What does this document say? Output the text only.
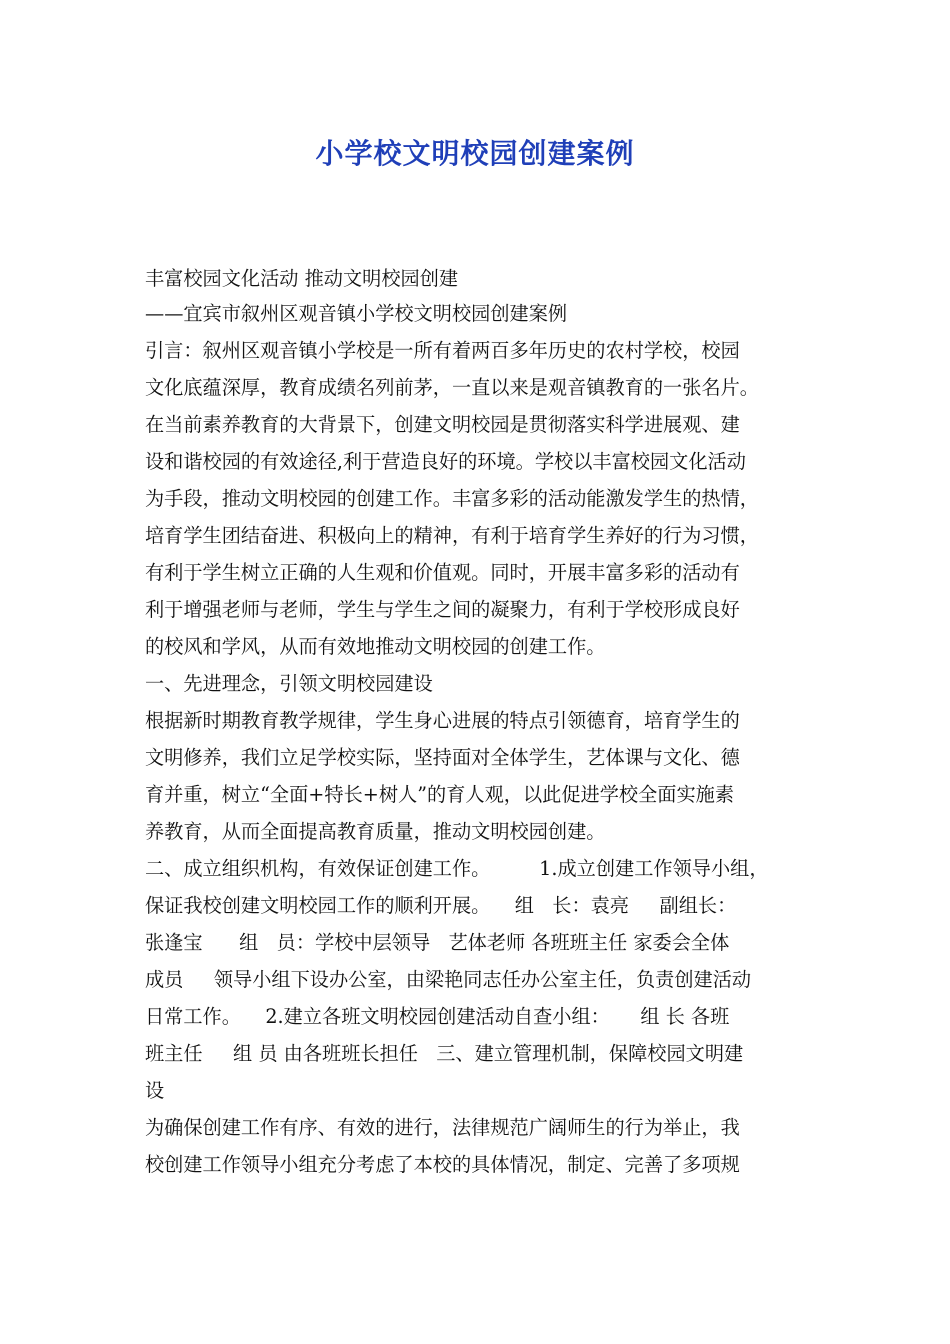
小学校文明校园创建案例
丰富校园文化活动 推动文明校园创建
——宜宾市叙州区观音镇小学校文明校园创建案例
引言：叙州区观音镇小学校是一所有着两百多年历史的农村学校，校园
文化底蕴深厚，教育成绩名列前茅，一直以来是观音镇教育的一张名片。
在当前素养教育的大背景下，创建文明校园是贯彻落实科学进展观、建
设和谐校园的有效途径,利于营造良好的环境。学校以丰富校园文化活动
为手段，推动文明校园的创建工作。丰富多彩的活动能激发学生的热情，
培育学生团结奋进、积极向上的精神，有利于培育学生养好的行为习惯，
有利于学生树立正确的人生观和价值观。同时，开展丰富多彩的活动有
利于增强老师与老师，学生与学生之间的凝聚力，有利于学校形成良好
的校风和学风，从而有效地推动文明校园的创建工作。
一、先进理念，引领文明校园建设
根据新时期教育教学规律，学生身心进展的特点引领德育，培育学生的
文明修养，我们立足学校实际，坚持面对全体学生，艺体课与文化、德
育并重，树立“全面+特长+树人”的育人观，以此促进学校全面实施素
养教育，从而全面提高教育质量，推动文明校园创建。
二、成立组织机构，有效保证创建工作。        1.成立创建工作领导小组，
保证我校创建文明校园工作的顺利开展。    组   长：袁亮     副组长：
张逢宝      组   员：学校中层领导   艺体老师 各班班主任 家委会全体
成员     领导小组下设办公室，由梁艳同志任办公室主任，负责创建活动
日常工作。    2.建立各班文明校园创建活动自查小组：     组 长 各班
班主任     组 员 由各班班长担任   三、建立管理机制，保障校园文明建
设
为确保创建工作有序、有效的进行，法律规范广阔师生的行为举止，我
校创建工作领导小组充分考虑了本校的具体情况，制定、完善了多项规
